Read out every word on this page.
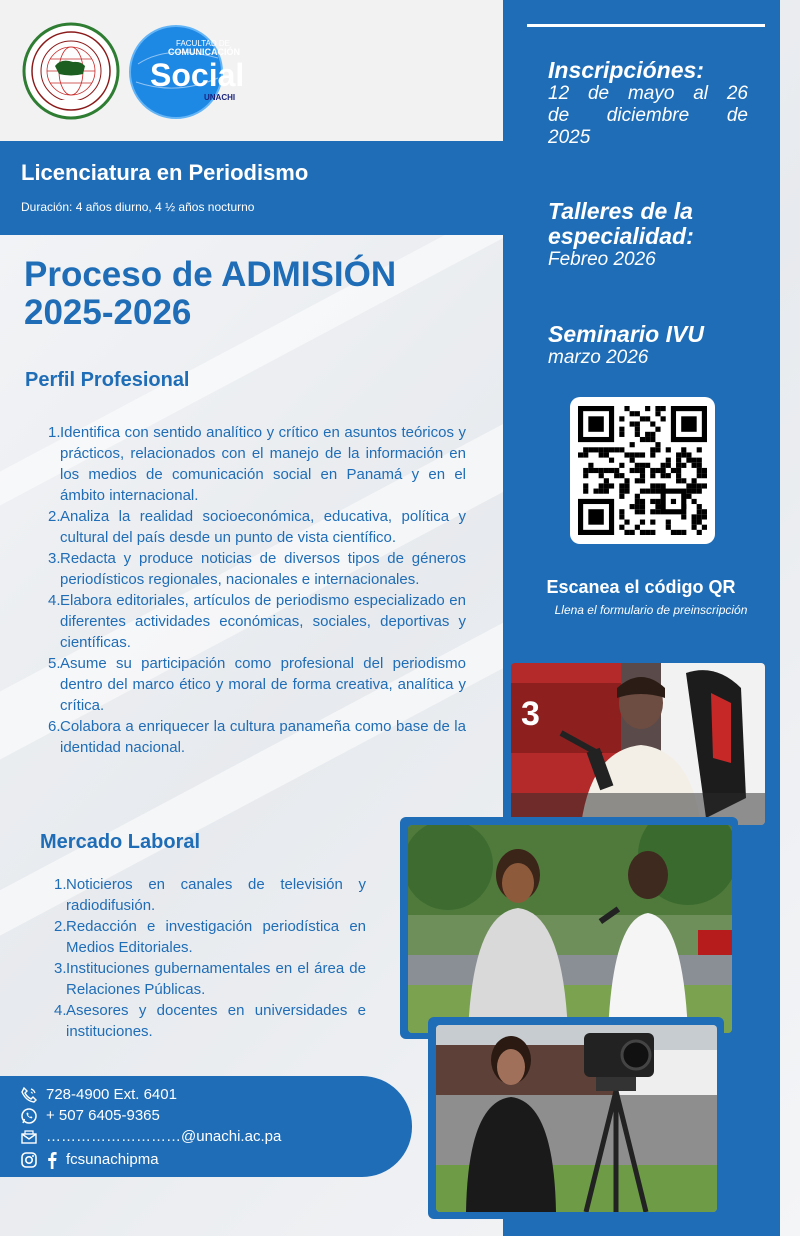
FACULTAD DE
COMUNICACIÓN
Social
UNACHI
Licenciatura en Periodismo
Duración: 4 años diurno, 4 ½ años nocturno
Proceso de ADMISIÓN
2025-2026
Perfil Profesional
1. Identifica con sentido analítico y crítico en asuntos teóricos y prácticos, relacionados con el manejo de la información en los medios de comunicación social en Panamá y en el ámbito internacional.
2. Analiza la realidad socioeconómica, educativa, política y cultural del país desde un punto de vista científico.
3. Redacta y produce noticias de diversos tipos de géneros periodísticos regionales, nacionales e internacionales.
4. Elabora editoriales, artículos de periodismo especializado en diferentes actividades económicas, sociales, deportivas y científicas.
5. Asume su participación como profesional del periodismo dentro del marco ético y moral de forma creativa, analítica y crítica.
6. Colabora a enriquecer la cultura panameña como base de la identidad nacional.
Mercado Laboral
1. Noticieros en canales de televisión y radiodifusión.
2. Redacción e investigación periodística en Medios Editoriales.
3. Instituciones gubernamentales en el área de Relaciones Públicas.
4. Asesores y docentes en universidades e instituciones.
728-4900 Ext. 6401
+ 507 6405-9365
………………………@unachi.ac.pa
fcsunachipma
Inscripciónes:
12 de mayo al 26
de diciembre de
2025
Talleres de la
especialidad:
Febreo 2026
Seminario IVU
marzo 2026
Escanea el código QR
Llena el formulario de preinscripción
3
